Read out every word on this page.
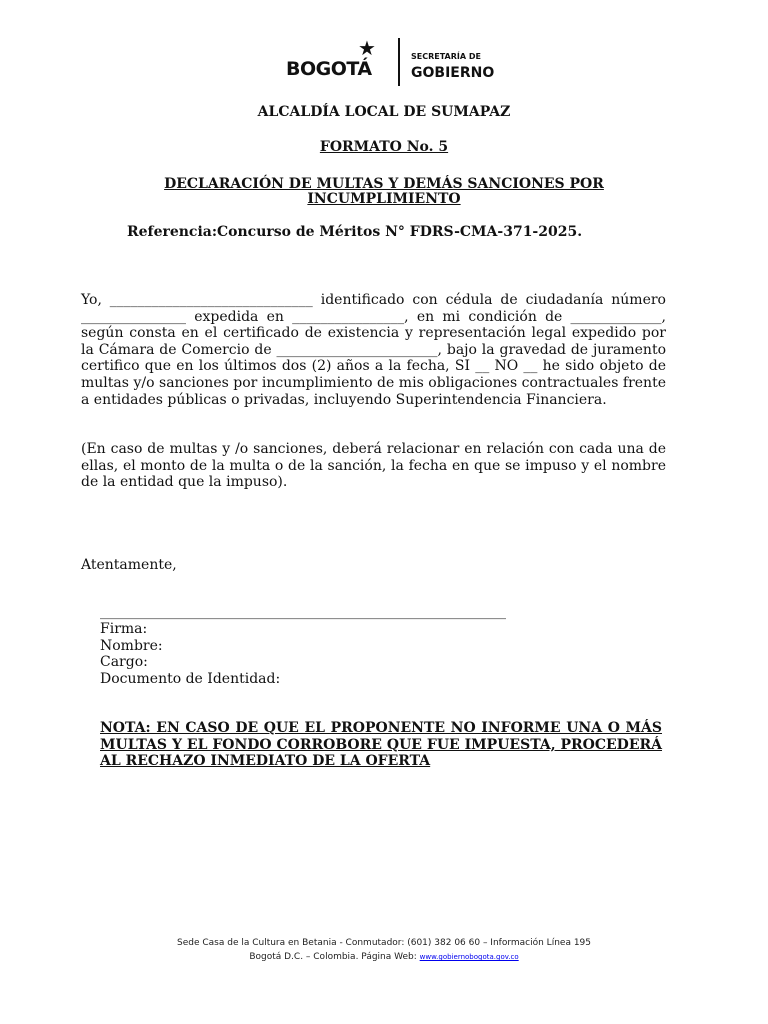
BOGOTÁ
★	SECRETARÍA DE
GOBIERNO
ALCALDÍA LOCAL DE SUMAPAZ
FORMATO No. 5
DECLARACIÓN DE MULTAS Y DEMÁS SANCIONES POR
INCUMPLIMIENTO
Referencia:Concurso de Méritos N° FDRS-CMA-371-2025.
Yo, _____________________________ identificado con cédula de ciudadanía número _______________ expedida en ________________, en mi condición de _____________, según consta en el certificado de existencia y representación legal expedido por la Cámara de Comercio de _______________________, bajo la gravedad de juramento certifico que en los últimos dos (2) años a la fecha, SI __ NO __ he sido objeto de multas y/o sanciones por incumplimiento de mis obligaciones contractuales frente a entidades públicas o privadas, incluyendo Superintendencia Financiera.
(En caso de multas y /o sanciones, deberá relacionar en relación con cada una de ellas, el monto de la multa o de la sanción, la fecha en que se impuso y el nombre de la entidad que la impuso).
Atentamente,
__________________________________________________________
Firma:
Nombre:
Cargo:
Documento de Identidad:
NOTA: EN CASO DE QUE EL PROPONENTE NO INFORME UNA O MÁS MULTAS Y EL FONDO CORROBORE QUE FUE IMPUESTA, PROCEDERÁ AL RECHAZO INMEDIATO DE LA OFERTA
Sede Casa de la Cultura en Betania - Conmutador: (601) 382 06 60 – Información Línea 195
Bogotá D.C. – Colombia. Página Web: www.gobiernobogota.gov.co
